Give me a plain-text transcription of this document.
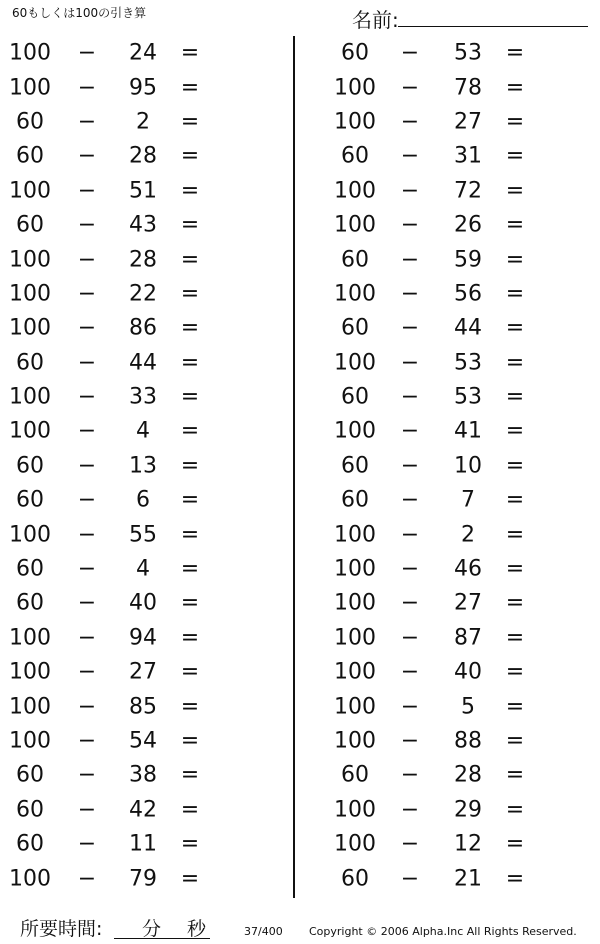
60もしくは100の引き算	名前:
100 − 24 =
100 − 95 =
60 − 2 =
60 − 28 =
100 − 51 =
60 − 43 =
100 − 28 =
100 − 22 =
100 − 86 =
60 − 44 =
100 − 33 =
100 − 4 =
60 − 13 =
60 − 6 =
100 − 55 =
60 − 4 =
60 − 40 =
100 − 94 =
100 − 27 =
100 − 85 =
100 − 54 =
60 − 38 =
60 − 42 =
60 − 11 =
100 − 79 =
60 − 53 =
100 − 78 =
100 − 27 =
60 − 31 =
100 − 72 =
100 − 26 =
60 − 59 =
100 − 56 =
60 − 44 =
100 − 53 =
60 − 53 =
100 − 41 =
60 − 10 =
60 − 7 =
100 − 2 =
100 − 46 =
100 − 27 =
100 − 87 =
100 − 40 =
100 − 5 =
100 − 88 =
60 − 28 =
100 − 29 =
100 − 12 =
60 − 21 =
所要時間: 分 秒	37/400 Copyright © 2006 Alpha.Inc All Rights Reserved.
